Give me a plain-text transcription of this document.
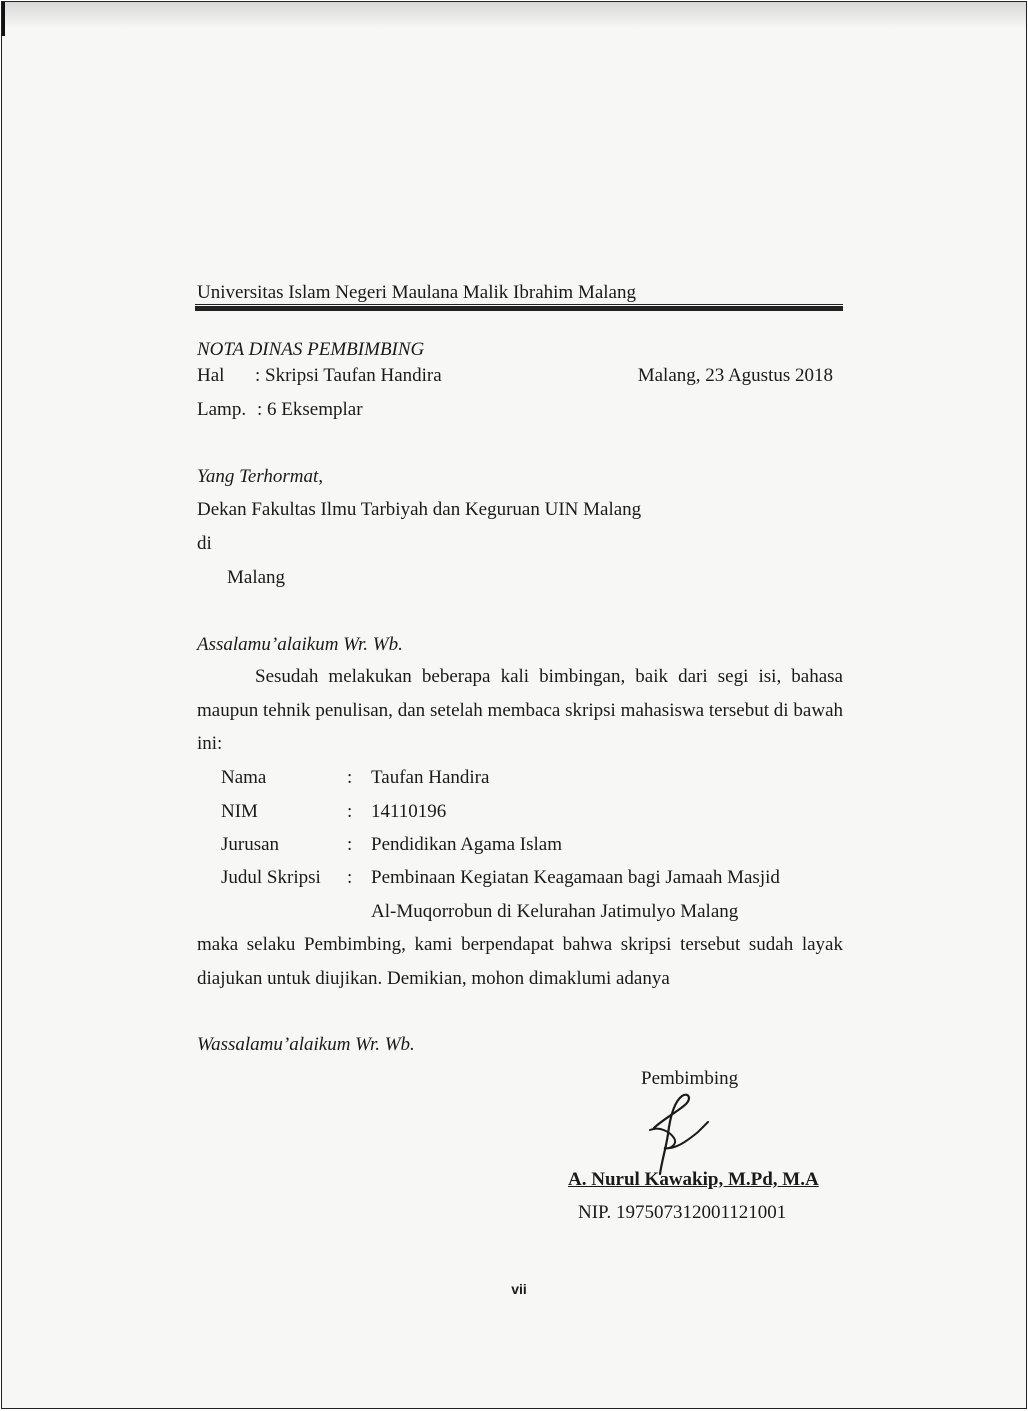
Universitas Islam Negeri Maulana Malik Ibrahim Malang
NOTA DINAS PEMBIMBING
Hal : Skripsi Taufan Handira	Malang, 23 Agustus 2018
Lamp. : 6 Eksemplar
Yang Terhormat,
Dekan Fakultas Ilmu Tarbiyah dan Keguruan UIN Malang
di
Malang
Assalamu’alaikum Wr. Wb.
Sesudah melakukan beberapa kali bimbingan, baik dari segi isi, bahasa maupun tehnik penulisan, dan setelah membaca skripsi mahasiswa tersebut di bawah ini:
Nama	: Taufan Handira
NIM	: 14110196
Jurusan	: Pendidikan Agama Islam
Judul Skripsi : Pembinaan Kegiatan Keagamaan bagi Jamaah Masjid
Al-Muqorrobun di Kelurahan Jatimulyo Malang
maka selaku Pembimbing, kami berpendapat bahwa skripsi tersebut sudah layak diajukan untuk diujikan. Demikian, mohon dimaklumi adanya
Wassalamu’alaikum Wr. Wb.
Pembimbing
A. Nurul Kawakip, M.Pd, M.A
NIP. 197507312001121001
vii
